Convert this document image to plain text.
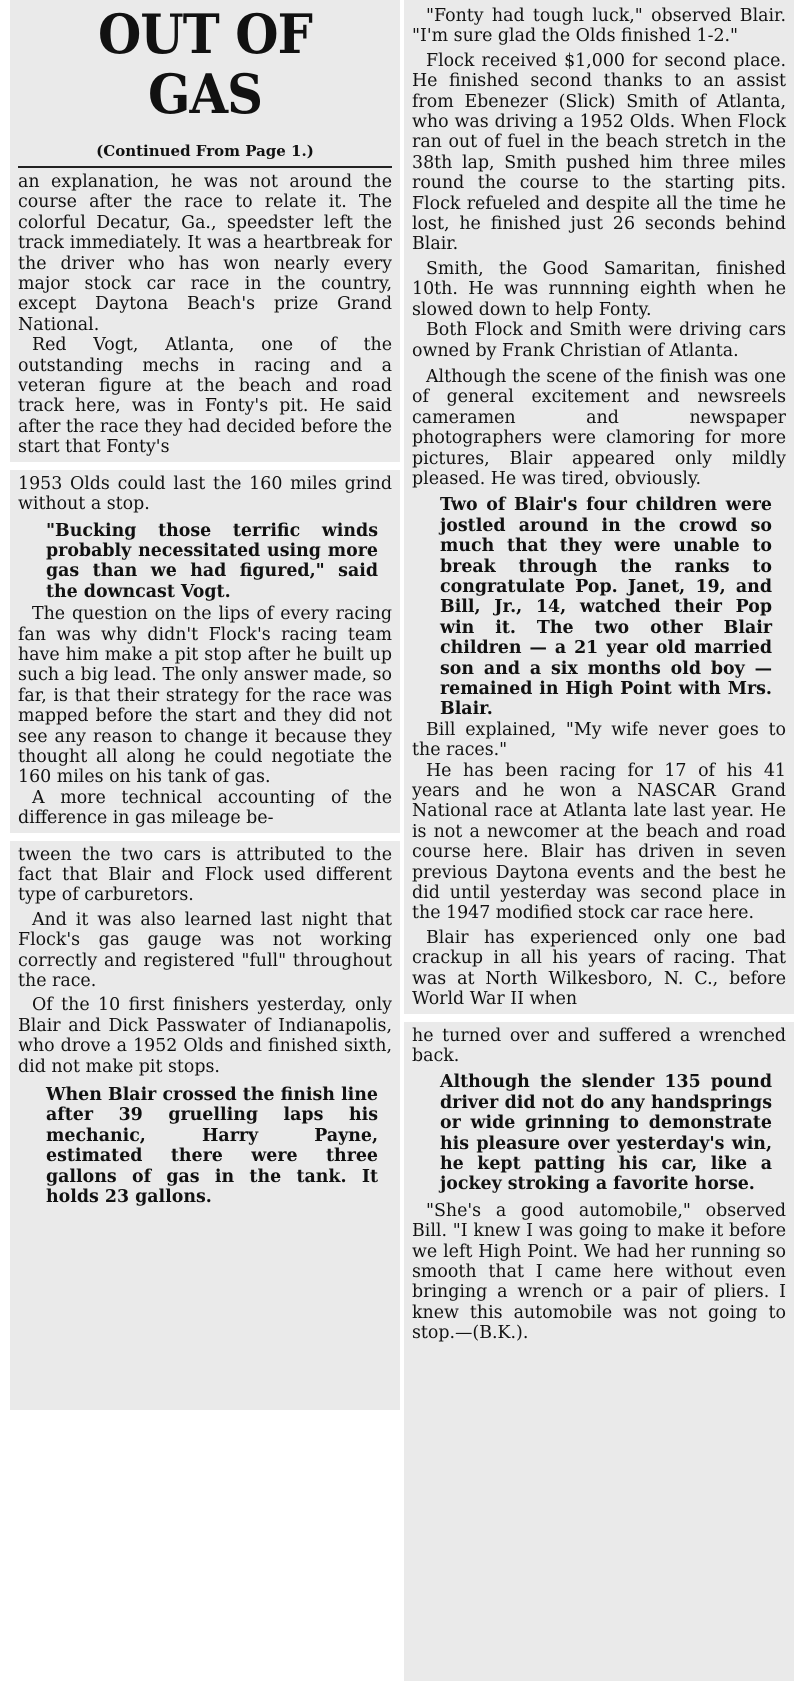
OUT OF GAS
(Continued From Page 1.)

an explanation, he was not around the course after the race to relate it. The colorful Decatur, Ga., speedster left the track immediately. It was a heartbreak for the driver who has won nearly every major stock car race in the country, except Daytona Beach's prize Grand National.

Red Vogt, Atlanta, one of the outstanding mechs in racing and a veteran figure at the beach and road track here, was in Fonty's pit. He said after the race they had decided before the start that Fonty's

1953 Olds could last the 160 miles grind without a stop.

"Bucking those terrific winds probably necessitated using more gas than we had figured," said the downcast Vogt.

The question on the lips of every racing fan was why didn't Flock's racing team have him make a pit stop after he built up such a big lead. The only answer made, so far, is that their strategy for the race was mapped before the start and they did not see any reason to change it because they thought all along he could negotiate the 160 miles on his tank of gas.

A more technical accounting of the difference in gas mileage be-

tween the two cars is attributed to the fact that Blair and Flock used different type of carburetors.

And it was also learned last night that Flock's gas gauge was not working correctly and registered "full" throughout the race.

Of the 10 first finishers yesterday, only Blair and Dick Passwater of Indianapolis, who drove a 1952 Olds and finished sixth, did not make pit stops.

When Blair crossed the finish line after 39 gruelling laps his mechanic, Harry Payne, estimated there were three gallons of gas in the tank. It holds 23 gallons.

"Fonty had tough luck," observed Blair. "I'm sure glad the Olds finished 1-2."

Flock received $1,000 for second place. He finished second thanks to an assist from Ebenezer (Slick) Smith of Atlanta, who was driving a 1952 Olds. When Flock ran out of fuel in the beach stretch in the 38th lap, Smith pushed him three miles round the course to the starting pits. Flock refueled and despite all the time he lost, he finished just 26 seconds behind Blair.

Smith, the Good Samaritan, finished 10th. He was runnning eighth when he slowed down to help Fonty.

Both Flock and Smith were driving cars owned by Frank Christian of Atlanta.

Although the scene of the finish was one of general excitement and newsreels cameramen and newspaper photographers were clamoring for more pictures, Blair appeared only mildly pleased. He was tired, obviously.

Two of Blair's four children were jostled around in the crowd so much that they were unable to break through the ranks to congratulate Pop. Janet, 19, and Bill, Jr., 14, watched their Pop win it. The two other Blair children — a 21 year old married son and a six months old boy — remained in High Point with Mrs. Blair.

Bill explained, "My wife never goes to the races."

He has been racing for 17 of his 41 years and he won a NASCAR Grand National race at Atlanta late last year. He is not a newcomer at the beach and road course here. Blair has driven in seven previous Daytona events and the best he did until yesterday was second place in the 1947 modified stock car race here.

Blair has experienced only one bad crackup in all his years of racing. That was at North Wilkesboro, N. C., before World War II when

he turned over and suffered a wrenched back.

Although the slender 135 pound driver did not do any handsprings or wide grinning to demonstrate his pleasure over yesterday's win, he kept patting his car, like a jockey stroking a favorite horse.

"She's a good automobile," observed Bill. "I knew I was going to make it before we left High Point. We had her running so smooth that I came here without even bringing a wrench or a pair of pliers. I knew this automobile was not going to stop.—(B.K.).
